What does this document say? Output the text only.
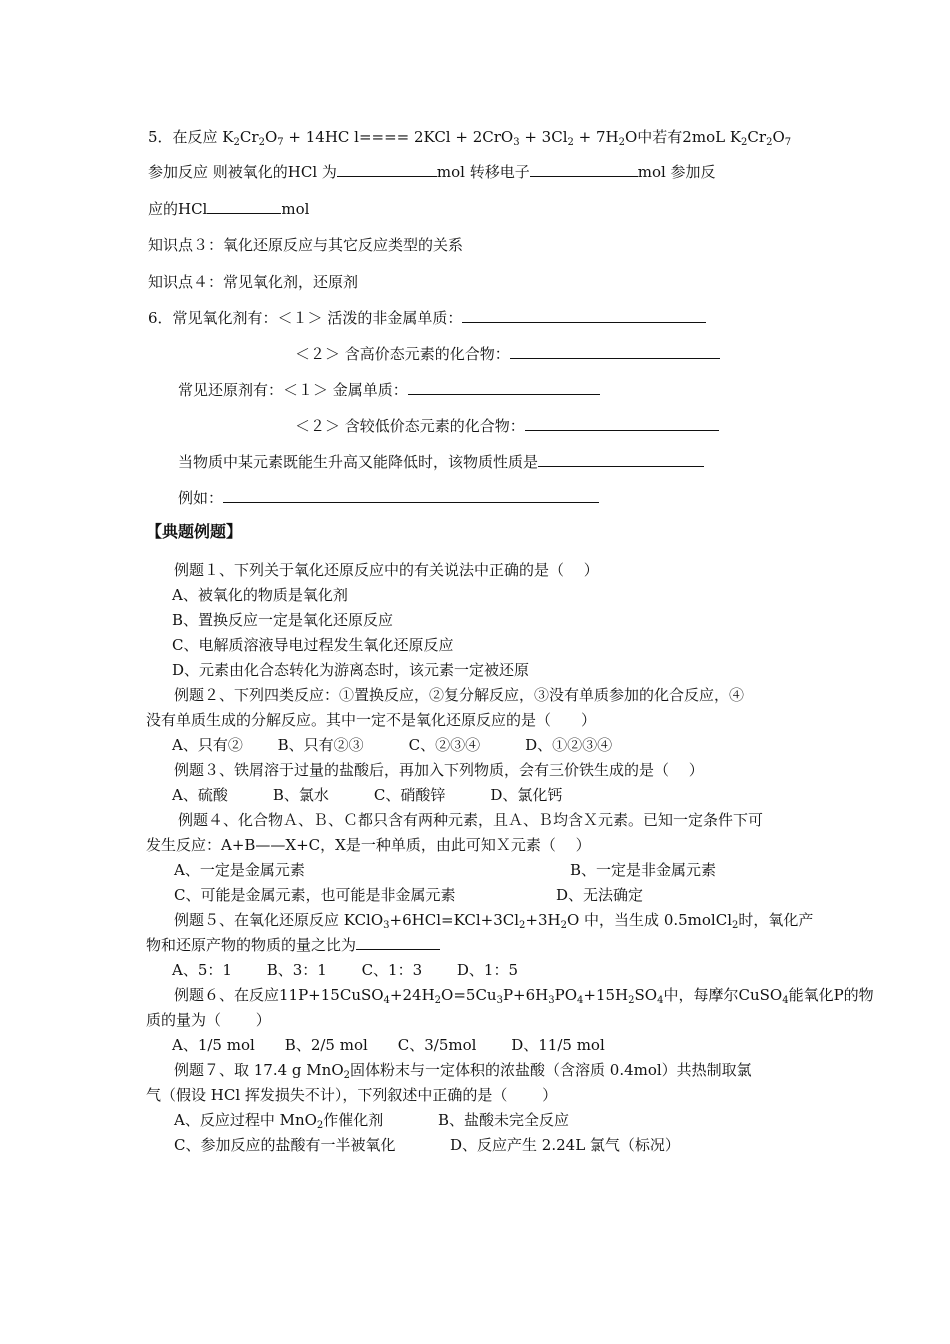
5．在反应 $K_2Cr_2O_7 + 14HC$ $l==== 2KCl + 2CrO_3 + 3Cl_2 + 7H_2O$中若有2moL $K_2Cr_2O_7$
参加反应 则被氧化的HCl 为	mol 转移电子	mol 参加反
应的HCl	mol
知识点３：氧化还原反应与其它反应类型的关系
知识点４：常见氧化剂，还原剂
6．常见氧化剂有：＜１＞ 活泼的非金属单质：
＜２＞ 含高价态元素的化合物：
常见还原剂有：＜１＞ 金属单质：
＜２＞ 含较低价态元素的化合物：
当物质中某元素既能生升高又能降低时，该物质性质是
例如：
【典题例题】
例题１、下列关于氧化还原反应中的有关说法中正确的是（　 ）
A、被氧化的物质是氧化剂
B、置换反应一定是氧化还原反应
C、电解质溶液导电过程发生氧化还原反应
D、元素由化合态转化为游离态时，该元素一定被还原
例题２、下列四类反应：①置换反应，②复分解反应，③没有单质参加的化合反应，④
没有单质生成的分解反应。其中一定不是氧化还原反应的是（　　）
A、只有②　　 B、只有②③　　　C、②③④　　　D、①②③④
例题３、铁屑溶于过量的盐酸后，再加入下列物质，会有三价铁生成的是（　 ）
A、硫酸　　　B、氯水　　　C、硝酸锌　　　D、氯化钙
例题４、化合物Ａ、Ｂ、Ｃ都只含有两种元素，且Ａ、Ｂ均含Ｘ元素。已知一定条件下可
发生反应：A+B——X+C，X是一种单质，由此可知Ｘ元素（　 ）
A、一定是金属元素	B、一定是非金属元素
C、可能是金属元素，也可能是非金属元素	D、无法确定
例题５、在氧化还原反应 $KClO_3+6HCl=KCl+3Cl_2+3H_2O$ 中，当生成 0.5molCl$_2$时，氧化产
物和还原产物的物质的量之比为
A、5：1　　 B、3：1　　 C、1：3　　 D、1：5
例题６、在反应$11P+15CuSO_4+24H_2O=5Cu_3P+6H_3PO_4+15H_2SO_4$中，每摩尔CuSO$_4$能氧化P的物
质的量为（　　 ）
A、1/5 mol　　B、2/5 mol　　C、3/5mol　　 D、11/5 mol
例题７、取 17.4 g MnO$_2$固体粉末与一定体积的浓盐酸（含溶质 0.4mol）共热制取氯
气（假设 HCl 挥发损失不计），下列叙述中正确的是（　　 ）
A、反应过程中 MnO$_2$作催化剂	B、盐酸未完全反应
C、参加反应的盐酸有一半被氧化	D、反应产生 2.24L 氯气（标况）
